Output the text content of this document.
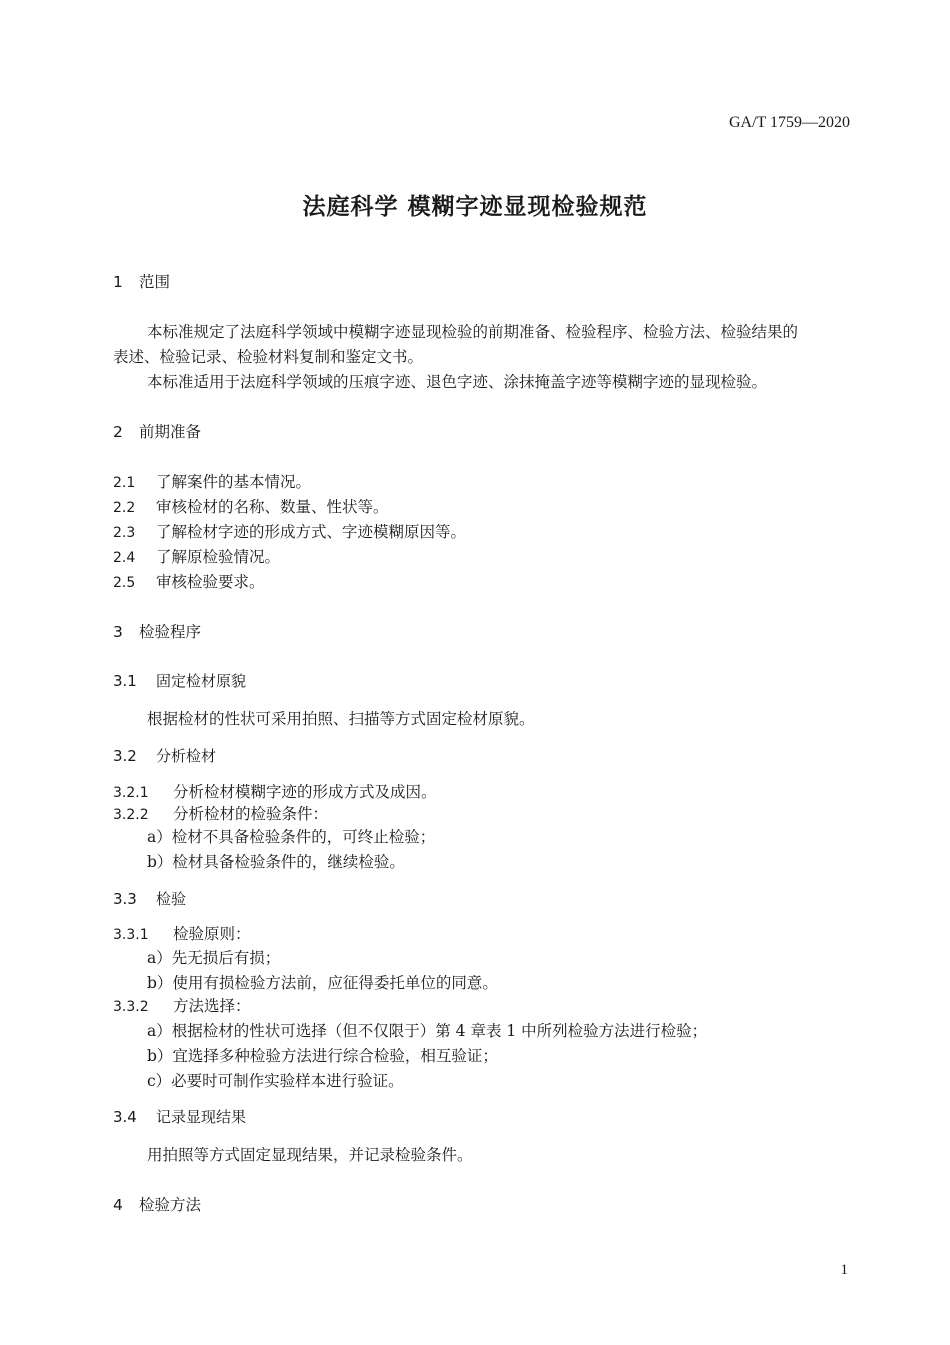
GA/T 1759—2020
法庭科学 模糊字迹显现检验规范
1 范围
本标准规定了法庭科学领域中模糊字迹显现检验的前期准备、检验程序、检验方法、检验结果的
表述、检验记录、检验材料复制和鉴定文书。
本标准适用于法庭科学领域的压痕字迹、退色字迹、涂抹掩盖字迹等模糊字迹的显现检验。
2 前期准备
2.1 了解案件的基本情况。
2.2 审核检材的名称、数量、性状等。
2.3 了解检材字迹的形成方式、字迹模糊原因等。
2.4 了解原检验情况。
2.5 审核检验要求。
3 检验程序
3.1 固定检材原貌
根据检材的性状可采用拍照、扫描等方式固定检材原貌。
3.2 分析检材
3.2.1 分析检材模糊字迹的形成方式及成因。
3.2.2 分析检材的检验条件：
a）检材不具备检验条件的，可终止检验；
b）检材具备检验条件的，继续检验。
3.3 检验
3.3.1 检验原则：
a）先无损后有损；
b）使用有损检验方法前，应征得委托单位的同意。
3.3.2 方法选择：
a）根据检材的性状可选择（但不仅限于）第 4 章表 1 中所列检验方法进行检验；
b）宜选择多种检验方法进行综合检验，相互验证；
c）必要时可制作实验样本进行验证。
3.4 记录显现结果
用拍照等方式固定显现结果，并记录检验条件。
4 检验方法
1
